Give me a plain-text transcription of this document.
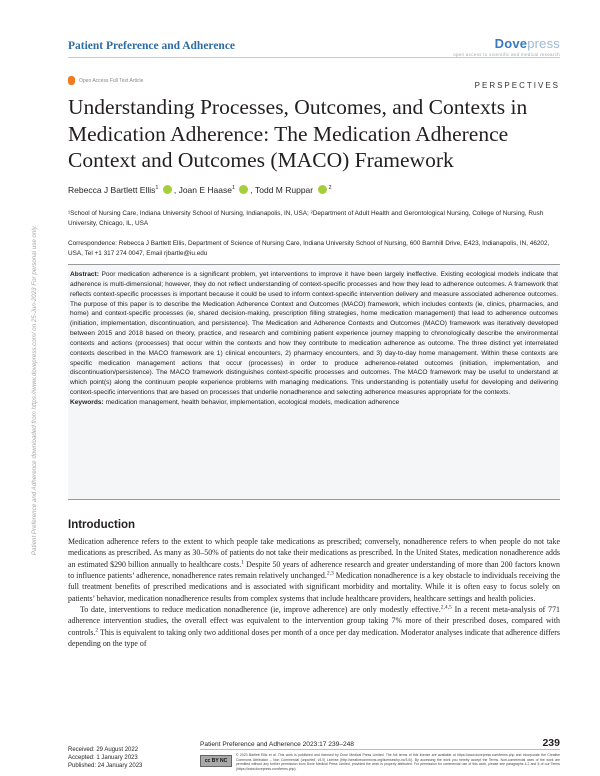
Patient Preference and Adherence	Dovepress
open access to scientific and medical research
Open Access Full Text Article
PERSPECTIVES
Understanding Processes, Outcomes, and Contexts in Medication Adherence: The Medication Adherence Context and Outcomes (MACO) Framework
Rebecca J Bartlett Ellis$^1$ , Joan E Haase$^1$ , Todd M Ruppar	$^2$
¹School of Nursing Care, Indiana University School of Nursing, Indianapolis, IN, USA; ²Department of Adult Health and Gerontological Nursing, College of Nursing, Rush University, Chicago, IL, USA
Correspondence: Rebecca J Bartlett Ellis, Department of Science of Nursing Care, Indiana University School of Nursing, 600 Barnhill Drive, E423, Indianapolis, IN, 46202, USA, Tel +1 317 274 0047, Email rjbartle@iu.edu

Abstract: Poor medication adherence is a significant problem, yet interventions to improve it have been largely ineffective. Existing ecological models indicate that adherence is multi-dimensional; however, they do not reflect understanding of context-specific processes and how they lead to adherence outcomes. A framework that reflects context-specific processes is important because it could be used to inform context-specific intervention delivery and measure associated adherence outcomes. The purpose of this paper is to describe the Medication Adherence Context and Outcomes (MACO) framework, which includes contexts (ie, clinics, pharmacies, and home) and context-specific processes (ie, shared decision-making, prescription filling strategies, home medication management) that lead to adherence outcomes (initiation, implementation, discontinuation, and persistence). The Medication and Adherence Contexts and Outcomes (MACO) framework was iteratively developed between 2015 and 2018 based on theory, practice, and research and combining patient experience journey mapping to chronologically describe the environmental contexts and actions (processes) that occur within the contexts and how they contribute to medication adherence as outcome. The three distinct yet interrelated contexts described in the MACO framework are 1) clinical encounters, 2) pharmacy encounters, and 3) day-to-day home management. Within these contexts are specific medication management actions that occur (processes) in order to produce adherence-related outcomes (initiation, implementation, and discontinuation/persistence). The MACO framework distinguishes context-specific processes and outcomes. The MACO framework may be useful to understand at which point(s) along the continuum people experience problems with managing medications. This understanding is potentially useful for developing and delivering context-specific interventions that are based on processes that underlie nonadherence and selecting adherence measures appropriate for the contexts.

Keywords: medication management, health behavior, implementation, ecological models, medication adherence

Introduction

Medication adherence refers to the extent to which people take medications as prescribed; conversely, nonadherence refers to when people do not take medications as prescribed. As many as 30–50% of patients do not take their medications as prescribed. In the United States, medication nonadherence adds an estimated $290 billion annually to healthcare costs.$^1$ Despite 50 years of adherence research and greater understanding of more than 200 factors known to influence patients’ adherence, nonadherence rates remain relatively unchanged.$^{2,3}$ Medication nonadherence is a key obstacle to individuals receiving the full treatment benefits of prescribed medications and is associated with significant morbidity and mortality. While it is often easy to focus solely on patients’ behavior, medication nonadherence results from complex systems that include healthcare providers, healthcare settings and health policies.

To date, interventions to reduce medication nonadherence (ie, improve adherence) are only modestly effective.$^{2,4,5}$ In a recent meta-analysis of 771 adherence intervention studies, the overall effect was equivalent to the intervention group taking 7% more of their prescribed doses, compared with controls.$^2$ This is equivalent to taking only two additional doses per month of a once per day medication. Moderator analyses indicate that adherence differs depending on the type of

Patient Preference and Adherence downloaded from https://www.dovepress.com/ on 25-Jun-2023 For personal use only.
Patient Preference and Adherence 2023:17 239–248	239
Received: 29 August 2022
Accepted: 1 January 2023
Published: 24 January 2023
cc BY NC
© 2023 Bartlett Ellis et al. This work is published and licensed by Dove Medical Press Limited. The full terms of this license are available at https://www.dovepress.com/terms.php and incorporate the Creative Commons Attribution – Non Commercial (unported, v3.0) License (http://creativecommons.org/licenses/by-nc/3.0/). By accessing the work you hereby accept the Terms. Non-commercial uses of the work are permitted without any further permission from Dove Medical Press Limited, provided the work is properly attributed. For permission for commercial use of this work, please see paragraphs 4.2 and 5 of our Terms (https://www.dovepress.com/terms.php).
